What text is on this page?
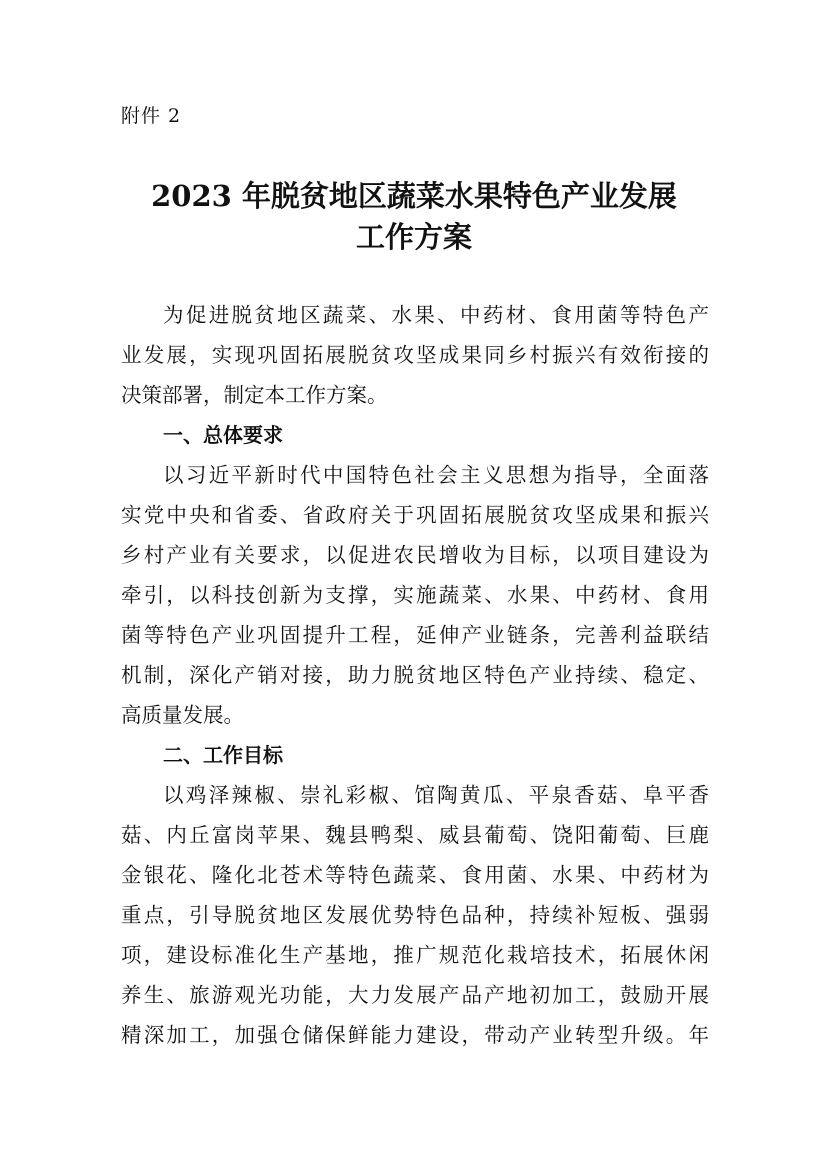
附件 2
2023 年脱贫地区蔬菜水果特色产业发展
工作方案
为促进脱贫地区蔬菜、水果、中药材、食用菌等特色产
业发展，实现巩固拓展脱贫攻坚成果同乡村振兴有效衔接的
决策部署，制定本工作方案。
一、总体要求
以习近平新时代中国特色社会主义思想为指导，全面落
实党中央和省委、省政府关于巩固拓展脱贫攻坚成果和振兴
乡村产业有关要求，以促进农民增收为目标，以项目建设为
牵引，以科技创新为支撑，实施蔬菜、水果、中药材、食用
菌等特色产业巩固提升工程，延伸产业链条，完善利益联结
机制，深化产销对接，助力脱贫地区特色产业持续、稳定、
高质量发展。
二、工作目标
以鸡泽辣椒、崇礼彩椒、馆陶黄瓜、平泉香菇、阜平香
菇、内丘富岗苹果、魏县鸭梨、威县葡萄、饶阳葡萄、巨鹿
金银花、隆化北苍术等特色蔬菜、食用菌、水果、中药材为
重点，引导脱贫地区发展优势特色品种，持续补短板、强弱
项，建设标准化生产基地，推广规范化栽培技术，拓展休闲
养生、旅游观光功能，大力发展产品产地初加工，鼓励开展
精深加工，加强仓储保鲜能力建设，带动产业转型升级。年
